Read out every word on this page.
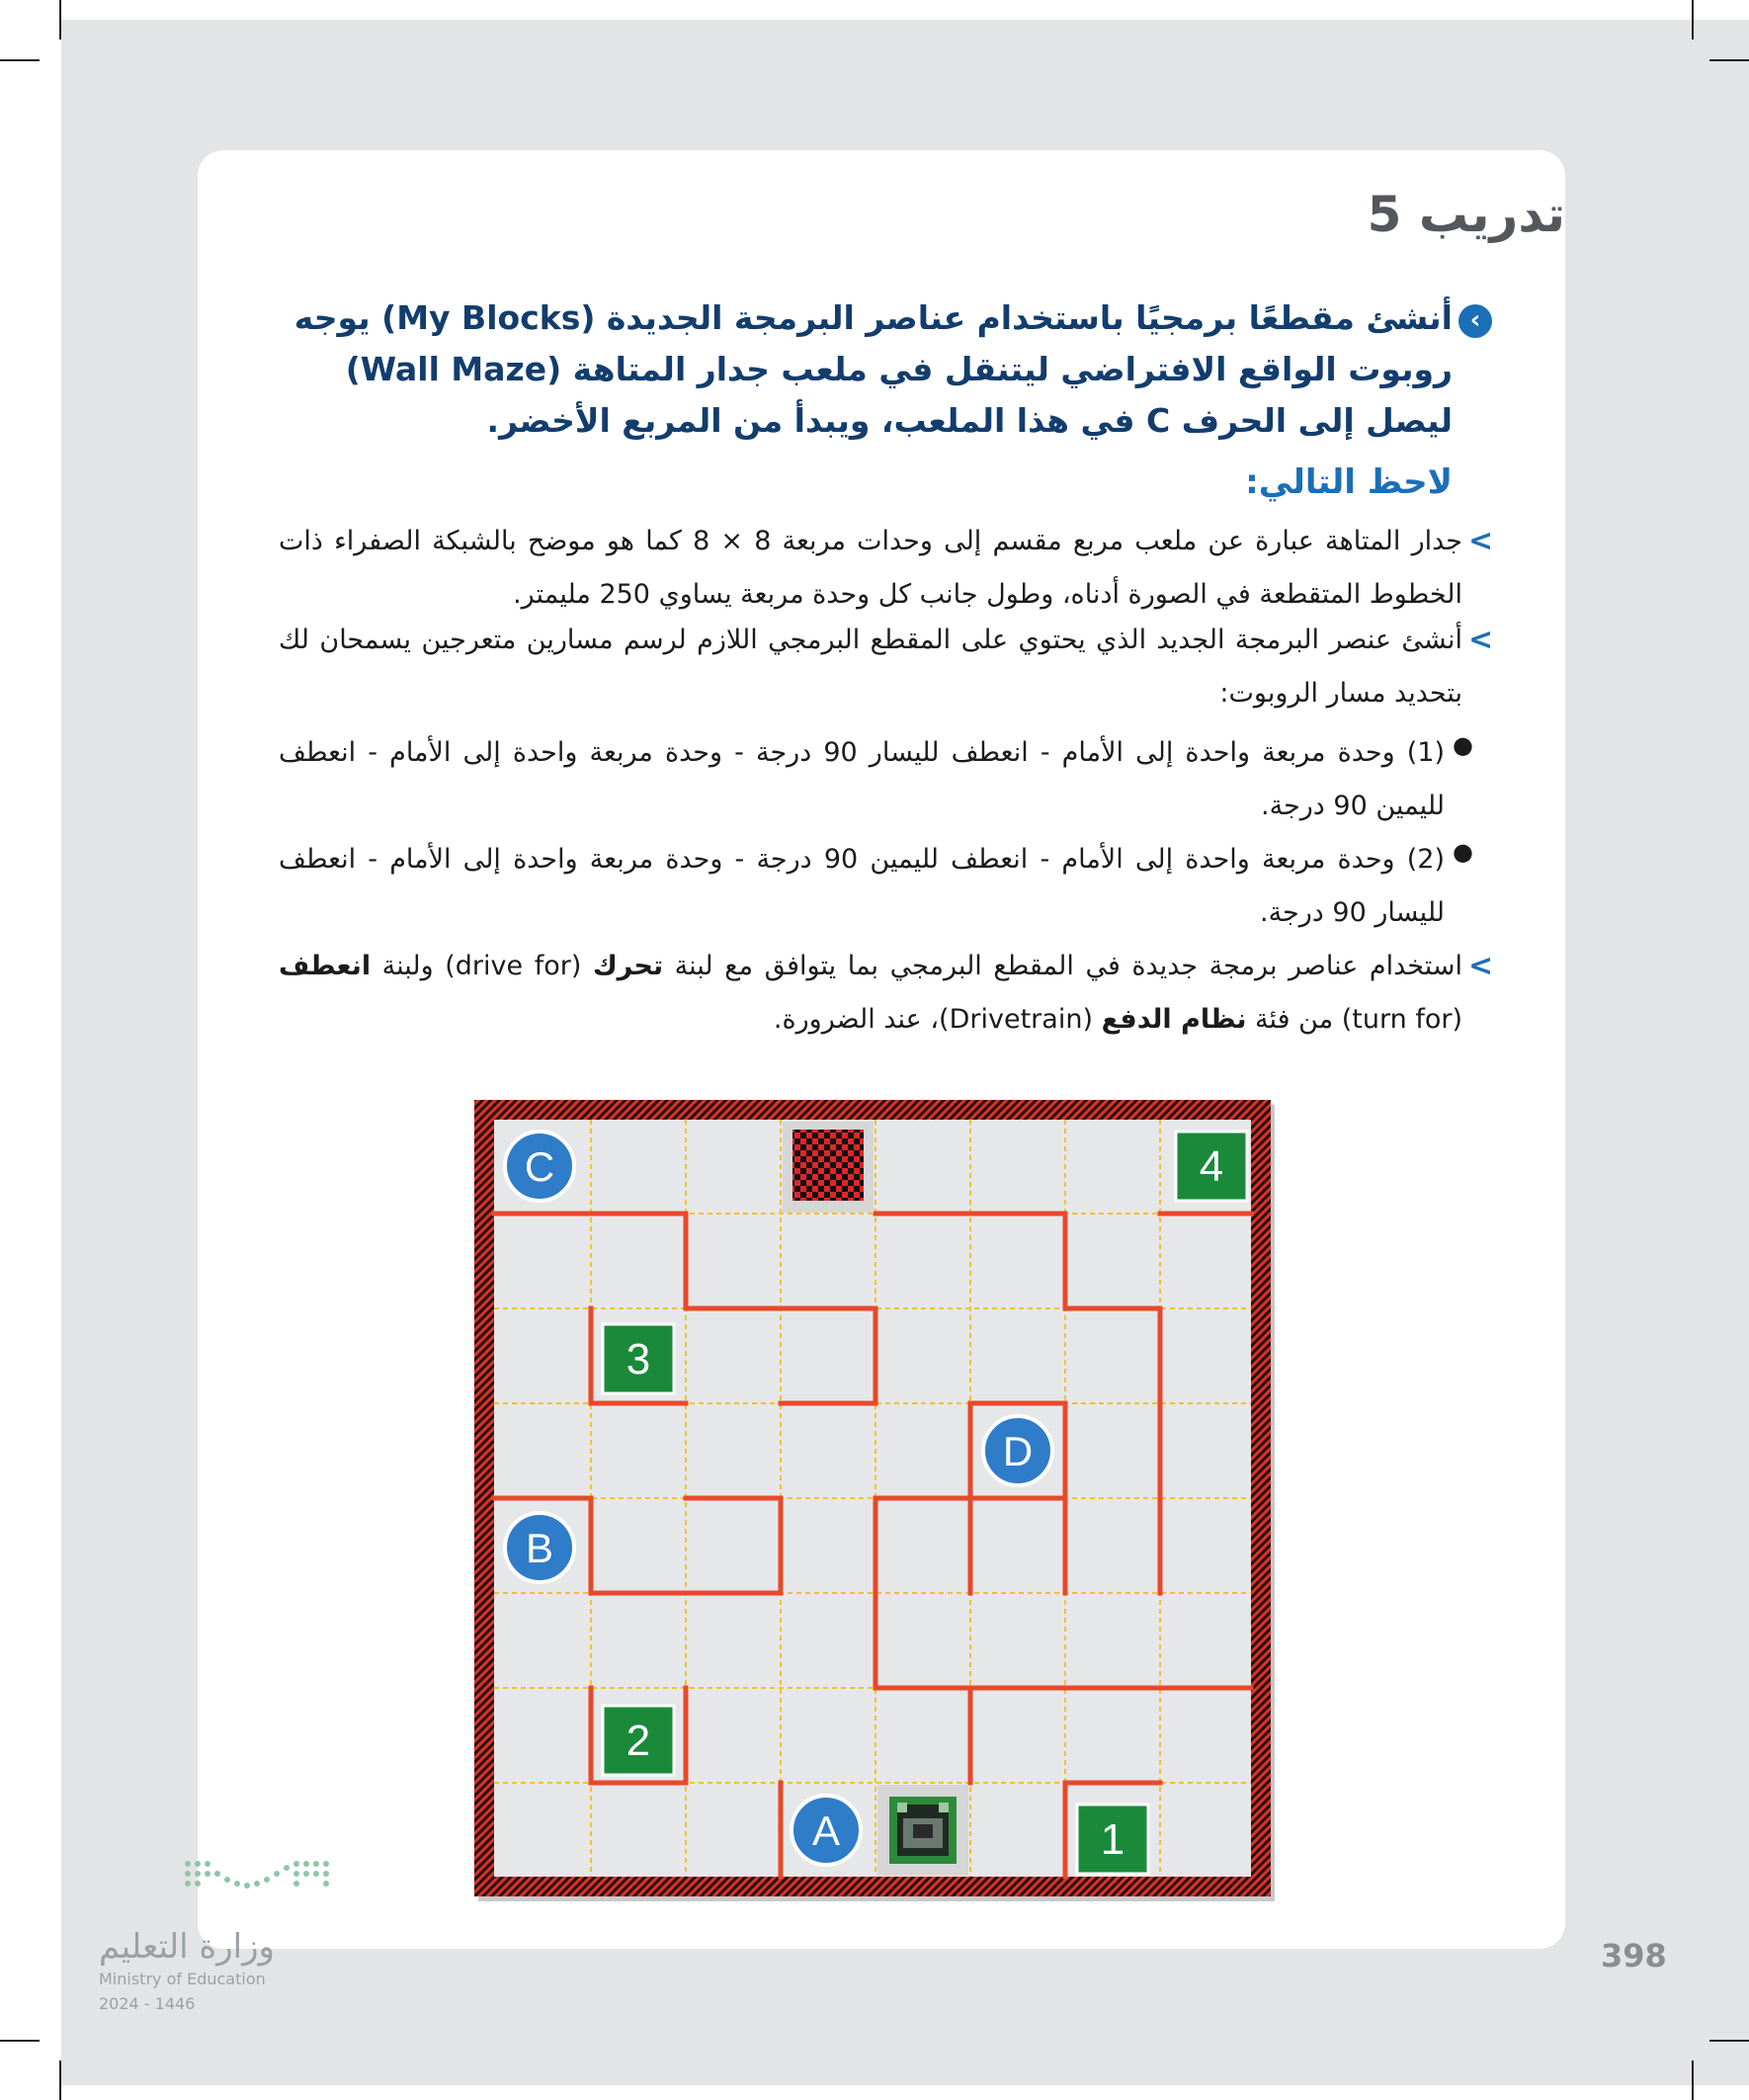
تدريب 5
‹

أنشئ مقطعًا برمجيًا باستخدام عناصر البرمجة الجديدة (My Blocks) يوجه روبوت الواقع الافتراضي ليتنقل في ملعب جدار المتاهة (Wall Maze) ليصل إلى الحرف C في هذا الملعب، ويبدأ من المربع الأخضر.

لاحظ التالي:
<

جدار المتاهة عبارة عن ملعب مربع مقسم إلى وحدات مربعة 8 × 8 كما هو موضح بالشبكة الصفراء ذات الخطوط المتقطعة في الصورة أدناه، وطول جانب كل وحدة مربعة يساوي 250 مليمتر.

<

أنشئ عنصر البرمجة الجديد الذي يحتوي على المقطع البرمجي اللازم لرسم مسارين متعرجين يسمحان لك بتحديد مسار الروبوت:

●

(1) وحدة مربعة واحدة إلى الأمام - انعطف لليسار 90 درجة - وحدة مربعة واحدة إلى الأمام - انعطف لليمين 90 درجة.

●

(2) وحدة مربعة واحدة إلى الأمام - انعطف لليمين 90 درجة - وحدة مربعة واحدة إلى الأمام - انعطف لليسار 90 درجة.

<

استخدام عناصر برمجة جديدة في المقطع البرمجي بما يتوافق مع لبنة تحرك (drive for) ولبنة انعطف (turn for) من فئة نظام الدفع (Drivetrain)، عند الضرورة.

C
D
B
A
4
3
2
1
398
وزارة التعليم
Ministry of Education
2024 - 1446
